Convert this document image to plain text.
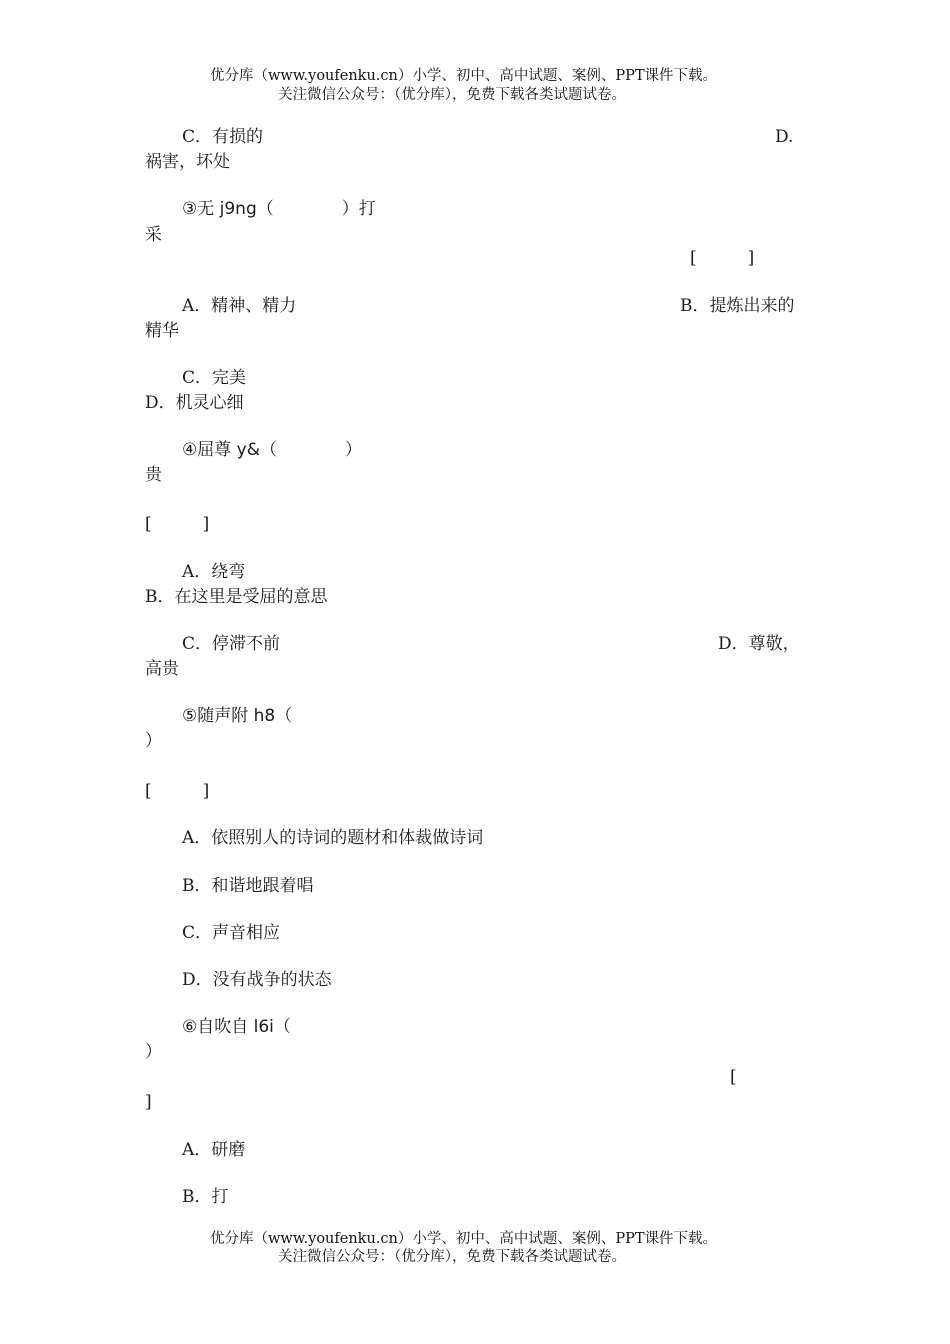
优分库（www.youfenku.cn）小学、初中、高中试题、案例、PPT课件下载。
关注微信公众号：（优分库），免费下载各类试题试卷。
C．有损的	D.
祸害，坏处
③无 j9ng（　　　　）打
采
[　　　]
A．精神、精力	B．提炼出来的
精华
C．完美
D．机灵心细
④屈尊 y&（　　　　）
贵
[　　　]
A．绕弯
B．在这里是受屈的意思
C．停滞不前	D．尊敬，
高贵
⑤随声附 h8（
）
[　　　]
A．依照别人的诗词的题材和体裁做诗词
B．和谐地跟着唱
C．声音相应
D．没有战争的状态
⑥自吹自 l6i（
）
[
]
A．研磨
B．打
优分库（www.youfenku.cn）小学、初中、高中试题、案例、PPT课件下载。
关注微信公众号：（优分库），免费下载各类试题试卷。
